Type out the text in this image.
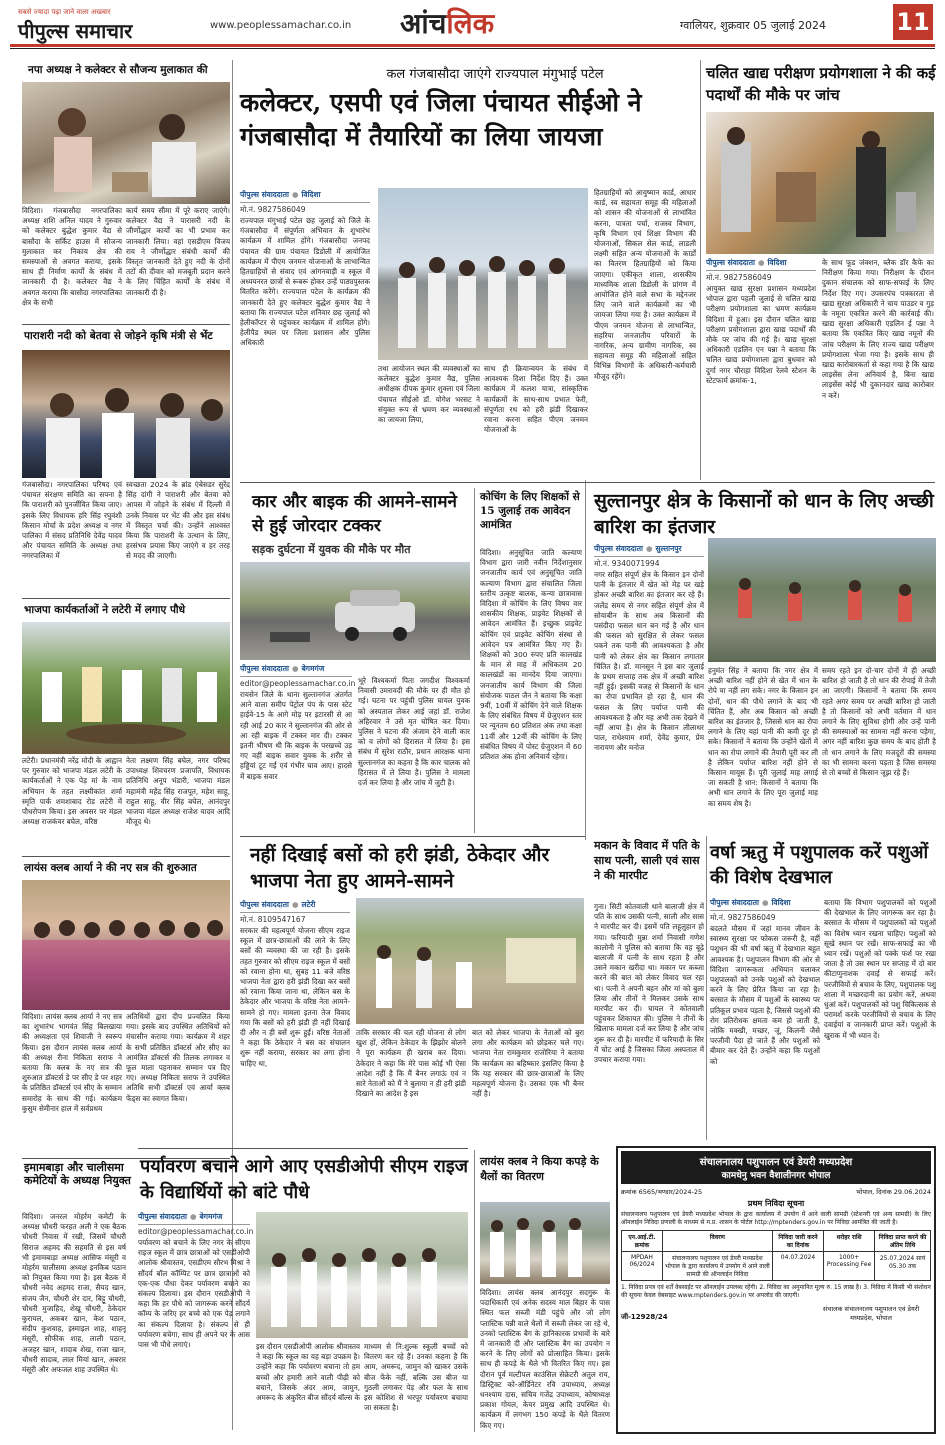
सबसे ज्यादा पढ़ा जाने वाला अखबार
पीपुल्स समाचार	www.peoplessamachar.co.in आंचलिक	ग्वालियर, शुक्रवार 05 जुलाई 2024	11
नपा अध्यक्ष ने कलेक्टर से सौजन्य मुलाकात की
विदिशा। गंजबासौदा नगरपालिका अध्यक्ष शशि अनिल यादव ने गुरुवार को कलेक्टर बुद्धेश कुमार वैद्य से बासौदा के सर्किट हाउस में सौजन्य मुलाकात कर निकाय क्षेत्र की समस्याओं से अवगत कराया, इसके साथ ही निर्माण कार्यों के संबंध में जानकारी दी है। कलेक्टर वैद्य ने अवगत कराया कि बासौदा नगरपालिका क्षेत्र के सभी
कार्य समय सीमा में पूरे कराए जाएंगे। कलेक्टर वैद्य ने पारासरी नदी के जीर्णोद्धार कार्यों का भी प्रभाव कर जानकारी लिया। वहां एसडीएम विजय राय ने जीर्णोद्धार संबंधी कार्यों की विस्तृत जानकारी देते हुए नदी के दोनों तटों की दीवार को मजबूती प्रदान करने के लिए चिंहित कार्यों के संबंध में जानकारी दी है।
पाराशरी नदी को बेतवा से जोड़ने कृषि मंत्री से भेंट
गंजबासौदा। नगरपालिका परिषद एवं पंचायत संरक्षण समिति का सपना है कि पाराशरी को पुनर्जीवित किया जाए। इसके लिए विधायक हरि सिंह रघुवंशी किसान मोर्चा के प्रदेश अध्यक्ष व नगर पालिका में संसद प्रतिनिधि देवेंद्र यादव और पंचायत समिति के अध्यक्ष तथा नगरपालिका में
स्वच्छता 2024 के ब्रांड एंबेसडर सुरेंद्र सिंह दांगी ने पाराशरी और बेतवा को आपस में जोड़ने के संबंध में दिल्ली में उनके निवास पर भेंट की और इस संबंध में विस्तृत चर्चा की। उन्होंने आश्वस्त किया कि पाराशरी के उत्थान के लिए, हरसंभव प्रयास किए जाएंगे व हर तरह से मदद की जाएगी।
भाजपा कार्यकर्ताओं ने लटेरी में लगाए पौधे
लटेरी। प्रधानमंत्री नरेंद्र मोदी के आह्वान पर गुरुवार को भाजपा मंडल लटेरी के कार्यकर्ताओं ने एक पेड़ मां के नाम अभियान के तहत लक्ष्मीकांत शर्मा स्मृति पार्क शमशाबाद रोड लटेरी में पौधरोपण किया। इस अवसर पर मंडल अध्यक्ष राजकंवर बघेल, वरिष्ठ
नेता लक्ष्मण सिंह बघेल, नगर परिषद उपाध्यक्ष शिवचरण प्रजापति, विधायक प्रतिनिधि अनूप भंडारी, भाजपा मंडल महामंत्री महेंद्र सिंह राजपूत, महेश साहू, राहुल साहू, वीर सिंह बघेल, आनंदपुर भाजपा मंडल अध्यक्ष राजेश यादव आदि मौजूद थे।
लायंस क्लब आर्या ने की नए सत्र की शुरुआत
विदिशा। लायंस क्लब आर्या ने नए सत्र का शुभारंभ भागवंत सिंह बिलखाया की अध्यक्षता एवं शिवाजी ने स्वरूप किया। इस दौरान लायंस क्लब आर्या की अध्यक्ष रीना निकिता सराफ ने बताया कि क्लब के नए सत्र की शुरुआत डॉक्टर्स डे पर सीए डे पर शहर के प्रतिष्ठित डॉक्टर्स एवं सीए के सम्मान समारोह के साथ की गई। कार्यक्रम कुसुम सेमीनार हाल में सर्वप्रथम
अतिथियों द्वारा दीप प्रज्वलित किया गया। इसके बाद उपस्थित अतिथियों को मंचासीन कराया गया। कार्यक्रम में शहर के सभी प्रतिष्ठित डॉक्टर्स और सीए का आमंत्रित डॉक्टर्स की तिलक लगाकर व फूल माला पहनाकर सम्मान पत्र दिए गए। अध्यक्ष निकिता सराफ ने उपस्थित अतिथि सभी डॉक्टर्स एवं आर्या क्लब फेंड्स का स्वागत किया।
इमामबाड़ा और चालीसमा कमेटियों के अध्यक्ष नियुक्त
विदिशा। जनरल मोहर्रम कमेटी के अध्यक्ष चौधरी फरहत अली ने एक बैठक चौधरी निवास में रखी, जिसमें चौधरी सिराज अहमद की सहमति से इस वर्ष भी इमामबाड़ा अध्यक्ष आसिफ मंसूरी व मोहर्रम चालीसमा अध्यक्ष इनकिब पठान को नियुक्त किया गया है। इस बैठक में चौधरी नवेद अहमद राजा, सैयद खान, संजय जैन, चौधरी शेर दार, बिट्टू चौधरी, चौधरी मुजाहिद, शेखू चौधरी, ठेकेदार कुरायल, अकबर खान, केश पठान, संदीप कुशवाह, इस्माइल शाह, शाहनू मंसूरी, सौफीक शाह, लाली पठान, अजहर खान, शादाब शेख, राजा खान, चौधरी सादाब, लाल मियां खान, अबरार मंसूरी और अफजल शाह उपस्थित थे।
कल गंजबासौदा जाएंगे राज्यपाल मंगुभाई पटेल
कलेक्टर, एसपी एवं जिला पंचायत सीईओ ने गंजबासौदा में तैयारियों का लिया जायजा
पीपुल्स संवाददाता ● विदिशा
मो.नं. 9827586049
राज्यपाल मंगुभाई पटेल छह जुलाई को जिले के गंजबासौदा में संपूर्णता अभियान के शुभारंभ कार्यक्रम में शामिल होंगे। गंजबासौदा जनपद पंचायत की ग्राम पंचायत डिडोली में आयोजित कार्यक्रम में पीएम जनमन योजनाओं के लाभान्वित हितग्राहियों से संवाद एवं आंगनवाड़ी व स्कूल में अध्ययनरत छात्रों से रूबरू होकर उन्हें पाठ्यपुस्तक वितरित करेंगे। राज्यपाल पटेल के कार्यक्रम की जानकारी देते हुए कलेक्टर बुद्धेश कुमार वैद्य ने बताया कि राज्यपाल पटेल शनिवार छह जुलाई को हेलीकॉप्टर से पहुंचकर कार्यक्रम में शामिल होंगे। हेलीपैड स्थल पर जिला प्रशासन और पुलिस अधिकारी
तथा आयोजन स्थल की व्यवस्थाओं का कलेक्टर बुद्धेश कुमार वैद्य, पुलिस अधीक्षक दीपक कुमार शुक्ला एवं जिला पंचायत सीईओ डॉ. योगेश भरसट ने संयुक्त रूप से भ्रमण कर व्यवस्थाओं का जायजा लिया,
साथ ही क्रियान्वयन के संबंध में आवश्यक दिशा निर्देश दिए हैं। उक्त कार्यक्रम में कलश यात्रा, सांस्कृतिक कार्यक्रमों के साथ-साथ प्रभात फेरी, संपूर्णता रथ को हरी झंडी दिखाकर रवाना करना सहित पीएम जनमन योजनाओं के
हितग्राहियों को आयुष्मान कार्ड, आधार कार्ड, स्व सहायता समूह की महिलाओं को शासन की योजनाओं से लाभांवित करना, पात्रता पर्चा, राजस्व विभाग, कृषि विभाग एवं शिक्षा विभाग की योजनाओं, सिकल सेल कार्ड, लाडली लक्ष्मी सहित अन्य योजनाओं के कार्डों का वितरण हितग्राहियों को किया जाएगा। एकीकृत शाला, शासकीय माध्यमिक शाला डिडोली के प्रांगण में आयोजित होने वाले सभा के मद्देनजर लिए जाने वाले कार्यक्रमों का भी जायजा लिया गया है। उक्त कार्यक्रम में पीएम जनमन योजना से लाभान्वित, सहरिया जनजातीय परिवारों के नागरिक, अन्य ग्रामीण नागरिक, स्व सहायता समूह की महिलाओं सहित विभिन्न विभागों के अधिकारी-कर्मचारी मौजूद रहेंगे।
चलित खाद्य परीक्षण प्रयोगशाला ने की कई पदार्थों की मौके पर जांच
पीपुल्स संवाददाता ● विदिशा
मो.नं. 9827586049
आयुक्त खाद्य सुरक्षा प्रशासन मध्यप्रदेश भोपाल द्वारा पहली जुलाई से चलित खाद्य परीक्षण प्रयोगशाला का भ्रमण कार्यक्रम विदिशा में हुआ। इस दौरान चलित खाद्य परीक्षण प्रयोगशाला द्वारा खाद्य पदार्थों की मौके पर जांच की गई है। खाद्य सुरक्षा अधिकारी एडलिन एन पन्ना ने बताया कि चलित खाद्य प्रयोगशाला द्वारा बुधवार को दुर्गा नगर चौराहा विदिशा रेलवे स्टेशन के स्टेटफार्म क्रमांक-1,
के साथ फूड जंक्शन, ब्लैक डॉर कैफे का निरीक्षण किया गया। निरीक्षण के दौरान दुकान संचालक को साफ-सफाई के लिए निर्देश दिए गए। उपसरपंच पत्रकारता से खाद्य सुरक्षा अधिकारी ने चाय पाउडर व गुड़ के नमूना एकत्रित करने की कार्रवाई की। खाद्य सुरक्षा अधिकारी एडलिन ई पन्ना ने बताया कि एकत्रित किए खाद्य नमूनों की जांच परीक्षण के लिए राज्य खाद्य परीक्षण प्रयोगशाला भेजा गया है। इसके साथ ही खाद्य कारोबारकर्ता से कहा गया है कि खाद्य लाइसेंस लेना अनिवार्य है, बिना खाद्य लाइसेंस कोई भी दुकानदार खाद्य कारोबार न करें।
कार और बाइक की आमने-सामने से हुई जोरदार टक्कर
सड़क दुर्घटना में युवक की मौके पर मौत
पीपुल्स संवाददाता ● बेगमगंज
editor@peoplessamachar.co.in
रायसेन जिले के थाना सुल्तानगंज अंतर्गत आने वाला समीप पेट्रोल पंप के पास स्टेट हाईवे-15 के आगे मोड़ पर इटारसी से आ रही आई 20 कार ने सुल्तानगंज की ओर से आ रही बाइक में टक्कर मार दी। टक्कर इतनी भीषण थी कि बाइक के परखच्चे उड़ गए वहीं बाइक सवार युवक के शरीर से हड्डियां टूट गईं एवं गंभीर घाव आए। हादसे में बाइक सवार
भूरे विश्वकर्मा पिता जगदीश विश्वकर्मा निवासी उमरावदी की मौके पर ही मौत हो गई। घटना पर पहुंची पुलिस घायल युवक को अस्पताल लेकर आई जहां डॉ. राजेश अहिरवार ने उसे मृत घोषित कर दिया। पुलिस ने घटना की अंजाम देने वाली कार को व लोगों को हिरासत में लिया है। इस संबंध में सुरेश राठौर, प्रधान आरक्षक थाना सुल्तानगंज का कहना है कि कार चालक को हिरासत में ले लिया है। पुलिस ने मामला दर्ज कर लिया है और जांच में जुटी है।
कोचिंग के लिए शिक्षकों से 15 जुलाई तक आवेदन आमंत्रित
विदिशा। अनुसूचित जाति कल्याण विभाग द्वारा जारी नवीन निर्देशानुसार जनजातीय कार्य एवं अनुसूचित जाति कल्याण विभाग द्वारा संचालित जिला स्तरीय उत्कृष्ट बालक, कन्या छात्रावास विदिशा में कोचिंग के लिए विषय वार शासकीय शिक्षक, प्राइवेट शिक्षकों से आवेदन आमंत्रित हैं। इच्छुक प्राइवेट कोचिंग एवं प्राइवेट कोचिंग संस्था से आवेदन पत्र आमंत्रित किए गए हैं। शिक्षकों को 300 रुपए प्रति कालखंड के मान से माह में अधिकतम 20 कालखंडों का मानदेय दिया जाएगा। जनजातीय कार्य विभाग की जिला संयोजक पाठल जैन ने बताया कि कक्षा 9वीं, 10वीं में कोचिंग देने वाले शिक्षक के लिए संबंधित विषय में ग्रेजुएशन स्तर पर न्यूनतम 60 प्रतिशत अंक तथा कक्षा 11वीं और 12वीं की कोचिंग के लिए संबंधित विषय में पोस्ट ग्रेजुएशन में 60 प्रतिशत अंक होना अनिवार्य रहेगा।
सुल्तानपुर क्षेत्र के किसानों को धान के लिए अच्छी बारिश का इंतजार
पीपुल्स संवाददाता ● सुल्तानपुर
मो.नं. 9340071994
नगर सहित संपूर्ण क्षेत्र के किसान इन दोनों पानी के इंतजार में खेत को मेड़ पर खड़े होकर अच्छी बारिश का इंतजार कर रहे हैं। जलेंद्र समय से नगर सहित संपूर्ण क्षेत्र में सोयाबीन के साथ अब किसानों की पसंदीदा फसल धान बन गई है और धान की फसल को सुरक्षित से लेकर फसल पकने तक पानी की आवश्यकता है और पानी को लेकर क्षेत्र का किसान लगातार चिंतित है। डॉ. मानसून ने इस बार जुलाई के प्रथम सप्ताह तक क्षेत्र में अच्छी बारिश नहीं हुई। इसकी वजह से किसानों के धान का रोपा प्रभावित हो रहा है, धान की फसल के लिए पर्याप्त पानी की आवश्यकता है और यह अभी तक देखने में नहीं आया है। क्षेत्र के किसान लीलाधर पाल, राधेश्याम शर्मा, देवेंद्र कुमार, प्रेम नारायण और मनोज
हनुमंत सिंह ने बताया कि नगर क्षेत्र में अच्छी बारिश नहीं होने से खेत में धान के रोपे या नहीं लग सके। नगर के किसान इन दोनों, धान की पौधे लगाने के बाद भी चिंतित हैं, और अब किसान को अच्छी बारिश का इंतजार है, जिससे धान का रोपा लगाने के लिए यहां पानी की कमी दूर हो सके। किसानों ने बताया कि उन्होंने खेतों में धान का रोपा लगाने की तैयारी पूरी कर ली है लेकिन पर्याप्त बारिश नहीं होने से किसान मायूस हैं। पूरी जुलाई माह लगाई जा सकती है धान: किसानों ने बताया कि अभी धान लगाने के लिए पूरा जुलाई माह का समय शेष है।
समय रहते इन दो-चार दोनों में ही अच्छी बारिश हो जाती है तो धान की रोपाई में तेजी आ जाएगी। किसानों ने बताया कि समय रहते अगर समय पर अच्छी बारिश हो जाती है तो किसानों को अभी वर्तमान में धान लगाने के लिए सुविधा होगी और उन्हें पानी की समस्याओं का सामना नहीं करना पड़ेगा, अगर नहीं बारिश कुछ समय के बाद होती है तो धान लगाने के लिए मजदूरों की समस्या का भी सामना करना पड़ता है जिस समस्या से तो बच्चों से किसान जूझ रहे हैं।
नहीं दिखाई बसों को हरी झंडी, ठेकेदार और भाजपा नेता हुए आमने-सामने
पीपुल्स संवाददाता ● लटेरी
मो.नं. 8109547167
सरकार की महत्वपूर्ण योजना सीएम राइज स्कूल में छात्र-छात्राओं की लाने के लिए बसों की व्यवस्था की जा रही है। इसके तहत गुरुवार को सीएम राइज स्कूल में बसों को रवाना होना था, सुबह 11 बजे वरिष्ठ भाजपा नेता द्वारा हरी झंडी दिखा कर बसों को रवाना किया जाना था, लेकिन बस के ठेकेदार और भाजपा के वरिष्ठ नेता आमने-सामने हो गए। मामला इतना तेज विवाद गया कि बसों को हरी झंडी ही नहीं दिखाई दी और न ही बसें शुरू हुईं। वरिष्ठ नेताओं ने कहा कि ठेकेदार ने बस का संचालन शुरू नहीं कराया, सरकार का लगा होना चाहिए था,
ताकि सरकार की चल रही योजना से लोग खुश हों, लेकिन ठेकेदार के झिझोर बोलने ने पूरा कार्यक्रम ही खराब कर दिया। ठेकेदार ने कहा कि मेरे पास कोई भी ऐसा आदेश नहीं है कि मैं बैनर लगाऊं एवं न सारे नेताओं को मैं ने बुलाया न ही हरी झंडी दिखाने का आदेश है इस
बात को लेकर भाजपा के नेताओं को बुरा लगा और कार्यक्रम को छोड़कर चले गए। भाजपा नेता रामकुमार राजोरिया ने बताया कि कार्यक्रम का बहिष्कार इसलिए किया है कि यह सरकार की छात्र-छात्राओं के लिए महत्वपूर्ण योजना है। उसका एक भी बैनर नहीं है।
मकान के विवाद में पति के साथ पत्नी, साली एवं सास ने की मारपीट
गुना। सिटी कोतवाली थाने बालाजी क्षेत्र में पति के साथ उसकी पत्नी, साली और सास ने मारपीट कर दी। इसमें पति लहूलुहान हो गया। फरियादी मुन्ना शर्मा निवासी गणेश कालोनी ने पुलिस को बताया कि वह बूढ़े बालाजी में पत्नी के साथ रहता है और उसने मकान खरीदा था। मकान पर कब्जा करने की बात को लेकर विवाद चल रहा था। पत्नी ने अपनी बहन और मां को बुला लिया और तीनों ने मिलकर उसके साथ मारपीट कर दी। घायल ने कोतवाली पहुंचकर शिकायत की। पुलिस ने तीनों के खिलाफ मामला दर्ज कर लिया है और जांच शुरू कर दी है। मारपीट में फरियादी के सिर में चोट आई है जिसका जिला अस्पताल में उपचार कराया गया।
वर्षा ऋतु में पशुपालक करें पशुओं की विशेष देखभाल
पीपुल्स संवाददाता ● विदिशा
मो.नं. 9827586049
बदलते मौसम में जहां मानव जीवन के स्वास्थ्य सुरक्षा पर फोकस जरूरी है, वहीं पशुधन की भी वर्षा ऋतु में देखभाल बहुत आवश्यक है। पशुपालन विभाग की ओर से विदिशा जागरूकता अभियान चलाकर पशुपालकों को उनके पशुओं को देखभाल करने के लिए प्रेरित किया जा रहा है। बरसात के मौसम में पशुओं के स्वास्थ्य पर प्रतिकूल प्रभाव पड़ता है, जिससे पशुओं की रोग प्रतिरोधक क्षमता कम हो जाती है, जोकि मक्खी, मच्छर, जूं, किलनी जैसे परजीवी पैदा हो जाते हैं और पशुओं को बीमार कर देते हैं। उन्होंने कहा कि पशुओं को
बताया कि विभाग पशुपालकों को पशुओं की देखभाल के लिए जागरूक कर रहा है। बरसात के मौसम में पशुपालकों को पशुओं का विशेष ध्यान रखना चाहिए। पशुओं को सूखे स्थान पर रखें। साफ-सफाई का भी ध्यान रखें। पशुओं को पक्के फर्श पर रखा जाता है तो उस स्थान पर सप्ताह में दो बार कीटाणुनाशक दवाई से सफाई करें। परजीवियों से बचाव के लिए, पशुपालक पशु शाला में मच्छरदानी का प्रयोग करें, अथवा धुआं करें। पशुपालकों को पशु चिकित्सक से परामर्श करके परजीवियों से बचाव के लिए दवाईयां व जानकारी प्राप्त करें। पशुओं के खुराक में भी ध्यान दें।
पर्यावरण बचाने आगे आए एसडीओपी सीएम राइज के विद्यार्थियों को बांटे पौधे
पीपुल्स संवाददाता ● बेगमगंज
editor@peoplessamachar.co.in
पर्यावरण को बचाने के लिए नगर के सीएम राइज स्कूल में छात्र छात्राओं को एसडीओपी आलोक श्रीवास्तव, एसडीएम सौरभ मिश्रा ने सौंदर्य बॉल कॉम्पिट पर छात्र छात्राओं को एक-एक पौधा देकर पर्यावरण बचाने का संकल्प दिलाया। इस दौरान एसडीओपी ने कहा कि हर पौधे को जागरूक करने सौंदर्य कॉम्प के जरिए हर बच्चे को एक पेड़ लगाने का संकल्प दिलाया है। संकल्प से ही पर्यावरण बचेगा, साथ ही अपने घर के आस पास भी पौधे लगाएं।	इस दौरान एसडीओपी आलोक श्रीवास्तव ने कहा कि स्कूल का यह बड़ा उपक्रम है। उन्होंने कहा कि पर्यावरण बचाना तो हम बच्चों और हमारी आने वाली पीढ़ी को बचाने, जिसके अंदर आम, जामुन, अमरूद के अंकुरित बीज सौंदर्य बॉल्स के
माध्यम से नि:शुल्क स्कूली बच्चों को वितरण कर रहे हैं। उनका कहना है कि आम, अमरूद, जामुन को खाकर उसके बीज फेंके नहीं, बल्कि उस बीज या गुठली लगाकर पेड़ और फल के साथ इस कोशिश से भरपूर पर्यावरण बचाया जा सकता है।
लायंस क्लब ने किया कपड़े के थैलों का वितरण
विदिशा। लायंस क्लब आनंदपुर सदगुरू के पदाधिकारी एवं अनेक सदस्य माल बिहार के पास स्थित फल सब्जी मंडी पहुंचे और जो लोग प्लास्टिक पन्नी वाले थैलों में सब्जी लेकर जा रहे थे, उनको प्लास्टिक बैग के हानिकारक प्रभावों के बारे में जानकारी दी और प्लास्टिक बैग का उपयोग न करने के लिए लोगों को प्रोत्साहित किया। इसके साथ ही कपड़े के थैले भी वितरित किए गए। इस दौरान पूर्व मल्टीपल काउंसिल सेक्रेटरी अतुल राय, डिस्ट्रिक्ट को-ऑर्डिनेटर रवि उपाध्याय, अध्यक्ष धनश्याम दास, सचिव गजेंद्र उपाध्याय, कोषाध्यक्ष प्रकाश गोयल, केयर प्रमुख आदि उपस्थित थे। कार्यक्रम में लगभग 150 कपड़े के थैले वितरण किए गए।
संचालनालय पशुपालन एवं डेयरी मध्यप्रदेश
कामधेनु भवन वैशालीनगर भोपाल
क्रमांक 6565/भण्डार/2024-25	भोपाल, दिनांक 29.06.2024
प्रथम निविदा सूचना
संचालनालय पशुपालन एवं डेयरी मध्यप्रदेश भोपाल के द्वारा कार्यालय में उपयोग में आने वाली सामग्री (स्टेशनरी एवं अन्य सामग्री) के लिए ऑनलाईन निविदा प्रणाली के माध्यम से म.प्र. शासन के पोर्टल http://mptenders.gov.in पर निविदा आमंत्रित की जाती है।
एन.आई.टी. क्रमांक	विवरण	निविदा जारी करने का दिनांक	धरोहर राशि	निविदा प्राप्त करने की अंतिम तिथि
MPDAH 06/2024	संचालनालय पशुपालन एवं डेयरी मध्यप्रदेश भोपाल के द्वारा कार्यालय में उपयोग में आने वाली सामग्री की ऑनलाईन निविदा	04.07.2024	1000+ Processing Fee	25.07.2024 सायं 05.30 तक
1. निविदा प्रपत्र एवं शर्तें वेबसाईट पर ऑनलाईन उपलब्ध रहेंगी। 2. निविदा का अनुमानित मूल्य रु. 15 लाख है। 3. निविदा में किसी भी संशोधन की सूचना केवल वेबसाइट www.mptenders.gov.in पर अपलोड की जाएगी।
जी-12928/24
संचालक संचालनालय पशुपालन एवं डेयरी मध्यप्रदेश, भोपाल
